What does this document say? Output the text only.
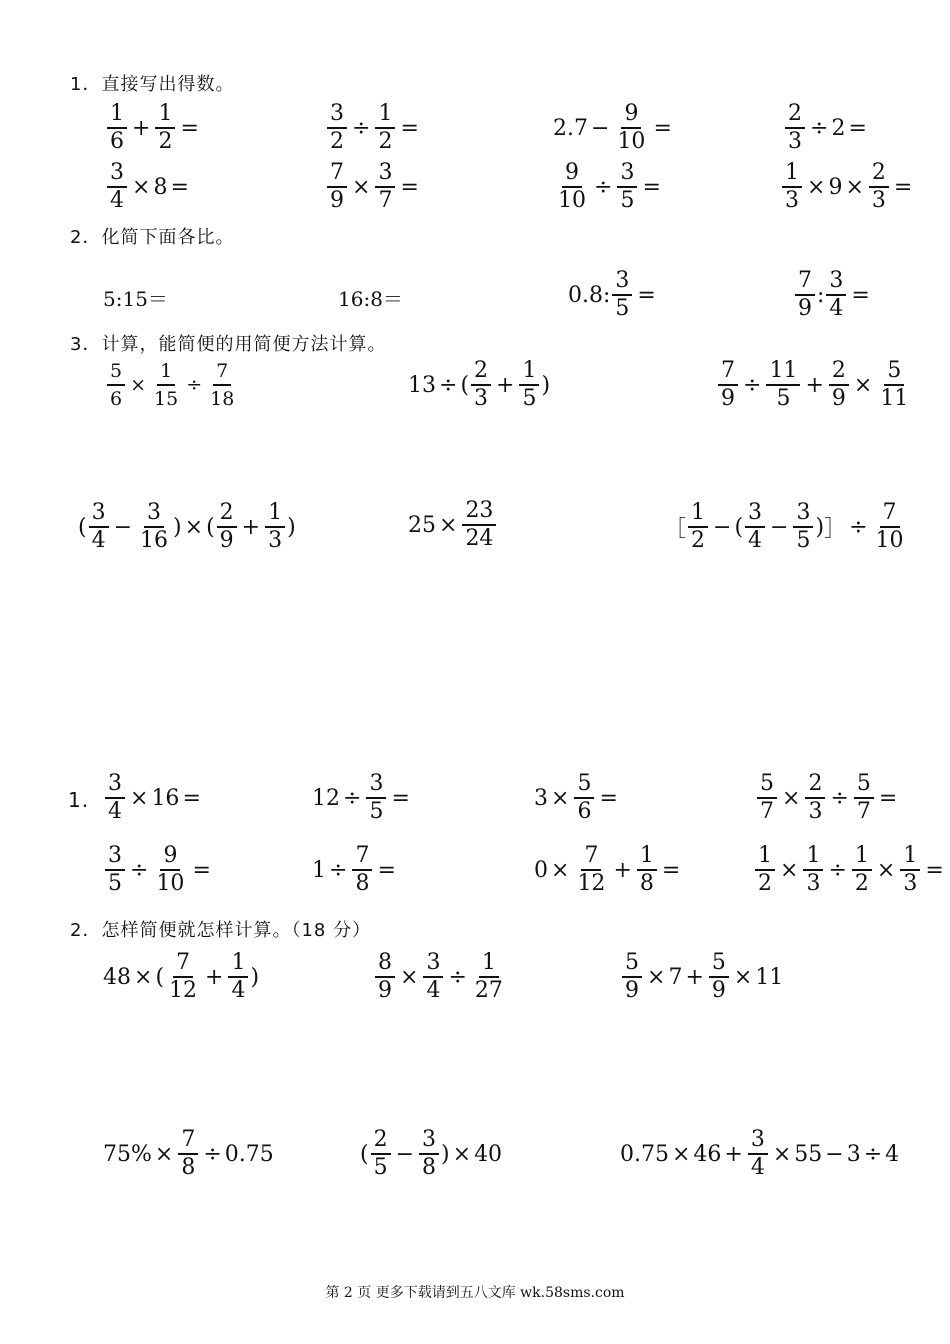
1．直接写出得数。
2．化简下面各比。
3．计算，能简便的用简便方法计算。
$\frac{1}{6} + \frac{1}{2}$ =	$\frac{3}{2} \div \frac{1}{2}$ =	$2.7 - \frac{9}{10}$ =	$\frac{2}{3} \div 2$ =
$\frac{3}{4} \times 8$ =	$\frac{7}{9} \times \frac{3}{7}$ =	$\frac{9}{10} \div \frac{3}{5}$ =	$\frac{1}{3} \times 9 \times \frac{2}{3}$ =
5:15＝	16:8＝	0.8 : $\frac{3}{5}$ =	$\frac{7}{9}$ : $\frac{3}{4}$ =
$\frac{5}{6} \times \frac{1}{15} \div \frac{7}{18}$	13 ÷ ( $\frac{2}{3} + \frac{1}{5}$ )	$\frac{7}{9} \div \frac{11}{5} + \frac{2}{9} \times \frac{5}{11}$
( $\frac{3}{4} - \frac{3}{16}$ ) × ( $\frac{2}{9} + \frac{1}{3}$ )	$25 \times \frac{23}{24}$	［ $\frac{1}{2}$ − ( $\frac{3}{4} - \frac{3}{5}$ ) ］ ÷ $\frac{7}{10}$
1. $\frac{3}{4} \times 16$ =	$12 \div \frac{3}{5}$ =	$3 \times \frac{5}{6}$ =	$\frac{5}{7} \times \frac{2}{3} \div \frac{5}{7}$ =
$\frac{3}{5} \div \frac{9}{10}$ =	$1 \div \frac{7}{8}$ =	$0 \times \frac{7}{12} + \frac{1}{8}$ =	$\frac{1}{2} \times \frac{1}{3} \div \frac{1}{2} \times \frac{1}{3}$ =
2．怎样简便就怎样计算。（18 分）
48 × ( $\frac{7}{12} + \frac{1}{4}$ )	$\frac{8}{9} \times \frac{3}{4} \div \frac{1}{27}$	$\frac{5}{9} \times 7 + \frac{5}{9} \times 11$
75 % × $\frac{7}{8} \div 0.75$	( $\frac{2}{5} - \frac{3}{8}$ ) × 40	$0.75 \times 46 + \frac{3}{4} \times 55 - 3 \div 4$
第 2 页 更多下载请到五八文库 wk.58sms.com
